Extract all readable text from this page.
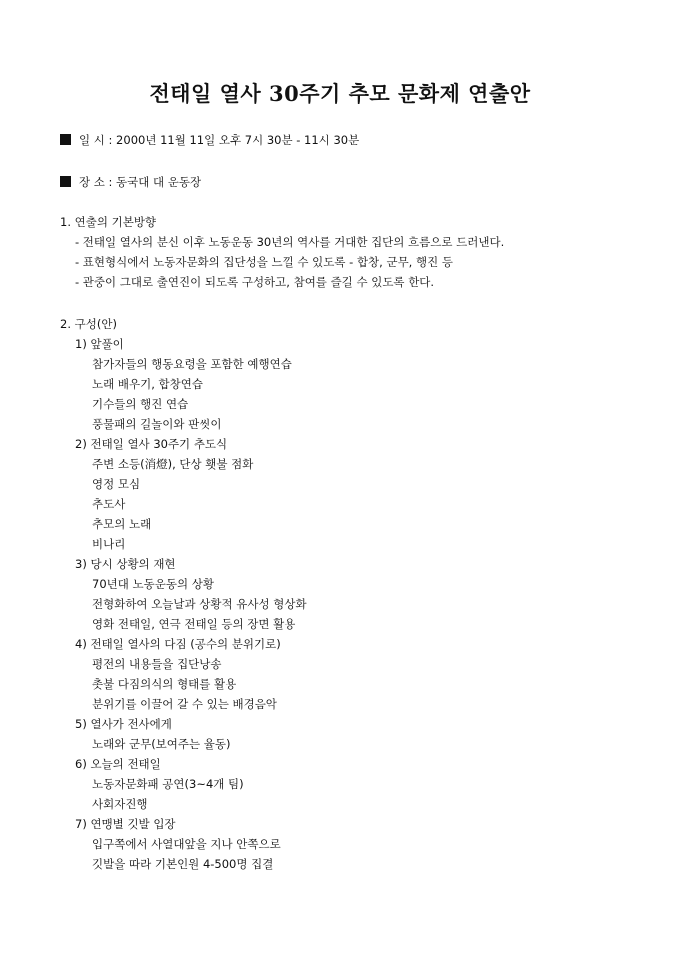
전태일 열사 30주기 추모 문화제 연출안
일 시 : 2000년 11월 11일 오후 7시 30분 - 11시 30분
장 소 : 동국대 대 운동장
1. 연출의 기본방향
- 전태일 열사의 분신 이후 노동운동 30년의 역사를 거대한 집단의 흐름으로 드러낸다.
- 표현형식에서 노동자문화의 집단성을 느낄 수 있도록 - 합창, 군무, 행진 등
- 관중이 그대로 출연진이 되도록 구성하고, 참여를 즐길 수 있도록 한다.
2. 구성(안)
1) 앞풀이
참가자들의 행동요령을 포함한 예행연습
노래 배우기, 합창연습
기수들의 행진 연습
풍물패의 길놀이와 판씻이
2) 전태일 열사 30주기 추도식
주변 소등(消燈), 단상 횃불 점화
영정 모심
추도사
추모의 노래
비나리
3) 당시 상황의 재현
70년대 노동운동의 상황
전형화하여 오늘날과 상황적 유사성 형상화
영화 전태일, 연극 전태일 등의 장면 활용
4) 전태일 열사의 다짐 (공수의 분위기로)
평전의 내용들을 집단낭송
촛불 다짐의식의 형태를 활용
분위기를 이끌어 갈 수 있는 배경음악
5) 열사가 전사에게
노래와 군무(보여주는 율동)
6) 오늘의 전태일
노동자문화패 공연(3~4개 팀)
사회자진행
7) 연맹별 깃발 입장
입구쪽에서 사열대앞을 지나 안쪽으로
깃발을 따라 기본인원 4-500명 집결
